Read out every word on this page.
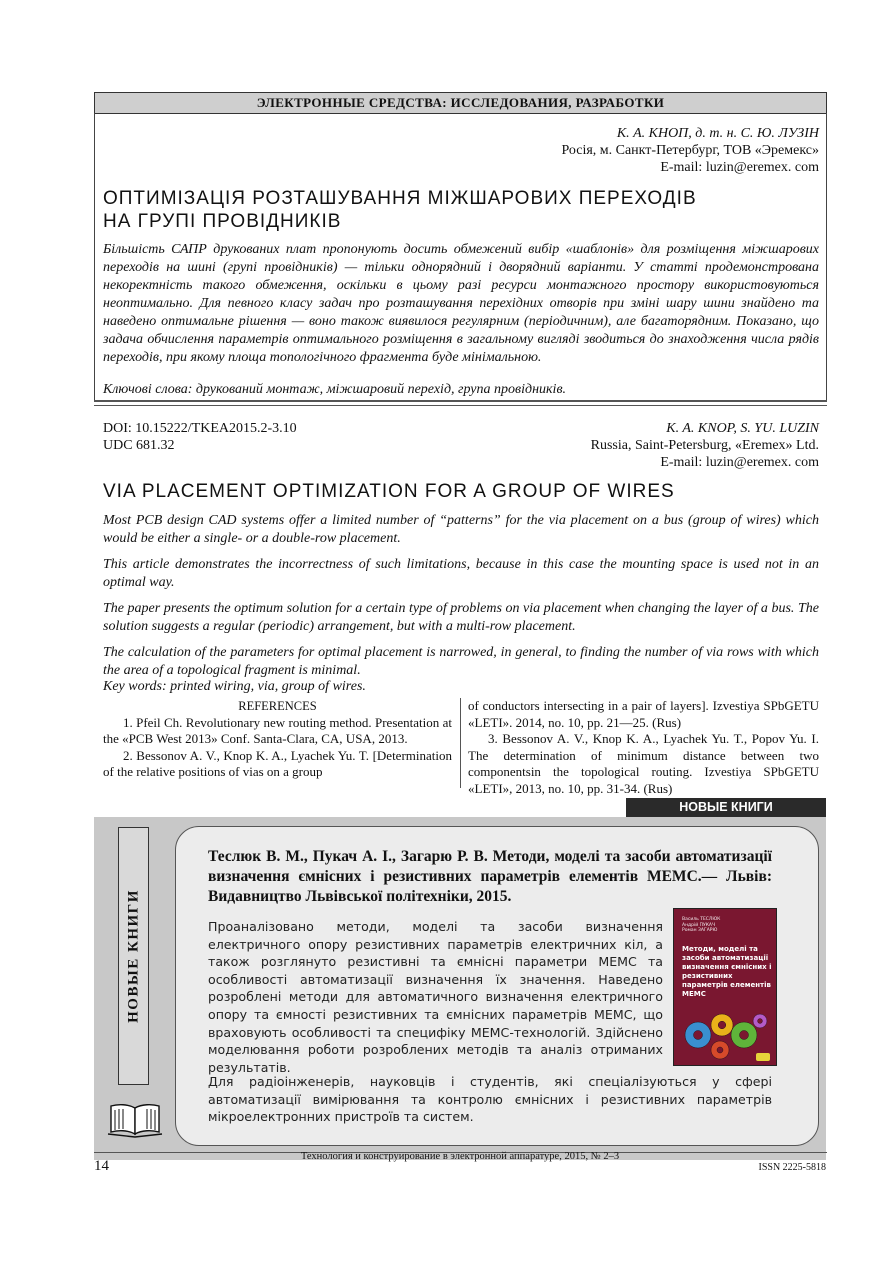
ЭЛЕКТРОННЫЕ СРЕДСТВА: ИССЛЕДОВАНИЯ, РАЗРАБОТКИ
К. А. КНОП, д. т. н. С. Ю. ЛУЗІН
Росія, м. Санкт-Петербург, ТОВ «Эремекс»
E-mail: luzin@eremex. com
ОПТИМІЗАЦІЯ РОЗТАШУВАННЯ МІЖШАРОВИХ ПЕРЕХОДІВ
НА ГРУПІ ПРОВІДНИКІВ
Більшість САПР друкованих плат пропонують досить обмежений вибір «шаблонів» для розміщення міжшарових переходів на шині (групі провідників) — тільки однорядний і дворядний варіанти. У статті продемонстрована некоректність такого обмеження, оскільки в цьому разі ресурси монтажного простору використовуються неоптимально. Для певного класу задач про розташування перехідних отворів при зміні шару шини знайдено та наведено оптимальне рішення — воно також виявилося регулярним (періодичним), але багаторядним. Показано, що задача обчислення параметрів оптимального розміщення в загальному вигляді зводиться до знаходження числа рядів переходів, при якому площа топологічного фрагмента буде мінімальною.
Ключові слова: друкований монтаж, міжшаровий перехід, група провідників.
DOI: 10.15222/TKEA2015.2-3.10
UDC 681.32
K. A. KNOP, S. YU. LUZIN
Russia, Saint-Petersburg, «Eremex» Ltd.
E-mail: luzin@eremex. com
VIA PLACEMENT OPTIMIZATION FOR A GROUP OF WIRES

Most PCB design CAD systems offer a limited number of “patterns” for the via placement on a bus (group of wires) which would be either a single- or a double-row placement.

This article demonstrates the incorrectness of such limitations, because in this case the mounting space is used not in an optimal way.

The paper presents the optimum solution for a certain type of problems on via placement when changing the layer of a bus. The solution suggests a regular (periodic) arrangement, but with a multi-row placement.

The calculation of the parameters for optimal placement is narrowed, in general, to finding the number of via rows with which the area of a topological fragment is minimal.

Key words: printed wiring, via, group of wires.

REFERENCES

1. Pfeil Ch. Revolutionary new routing method. Presentation at the «PCB West 2013» Conf. Santa-Clara, CA, USA, 2013.

2. Bessonov A. V., Knop K. A., Lyachek Yu. T. [Determination of the relative positions of vias on a group

of conductors intersecting in a pair of layers]. Izvestiya SPbGETU «LETI». 2014, no. 10, pp. 21—25. (Rus)

3. Bessonov A. V., Knop K. A., Lyachek Yu. T., Popov Yu. I. The determination of minimum distance between two componentsin the topological routing. Izvestiya SPbGETU «LETI», 2013, no. 10, pp. 31-34. (Rus)

НОВЫЕ КНИГИ
НОВЫЕ КНИГИ
Теслюк В. М., Пукач А. І., Загарю Р. В. Методи, моделі та засоби автоматизації визначення ємнісних і резистивних параметрів елементів МЕМС.— Львів: Видавництво Львівської політехніки, 2015.
Проаналізовано методи, моделі та засоби визначення електричного опору резистивних параметрів електричних кіл, а також розглянуто резистивні та ємнісні параметри МЕМС та особливості автоматизації визначення їх значення. Наведено розроблені методи для автоматичного визначення електричного опору та ємності резистивних та ємнісних параметрів МЕМС, що враховують особливості та специфіку МЕМС-технологій. Здійснено моделювання роботи розроблених методів та аналіз отриманих результатів.
Василь ТЕСЛЮК
Андрій ПУКАЧ
Роман ЗАГАРЮ
Методи, моделі та засоби автоматизації визначення ємнісних і резистивних параметрів елементів МЕМС
Для радіоінженерів, науковців і студентів, які спеціалізуються у сфері автоматизації вимірювання та контролю ємнісних і резистивних параметрів мікроелектронних пристроїв та систем.
14
Технология и конструирование в электронной аппаратуре, 2015, № 2–3
ISSN 2225-5818
